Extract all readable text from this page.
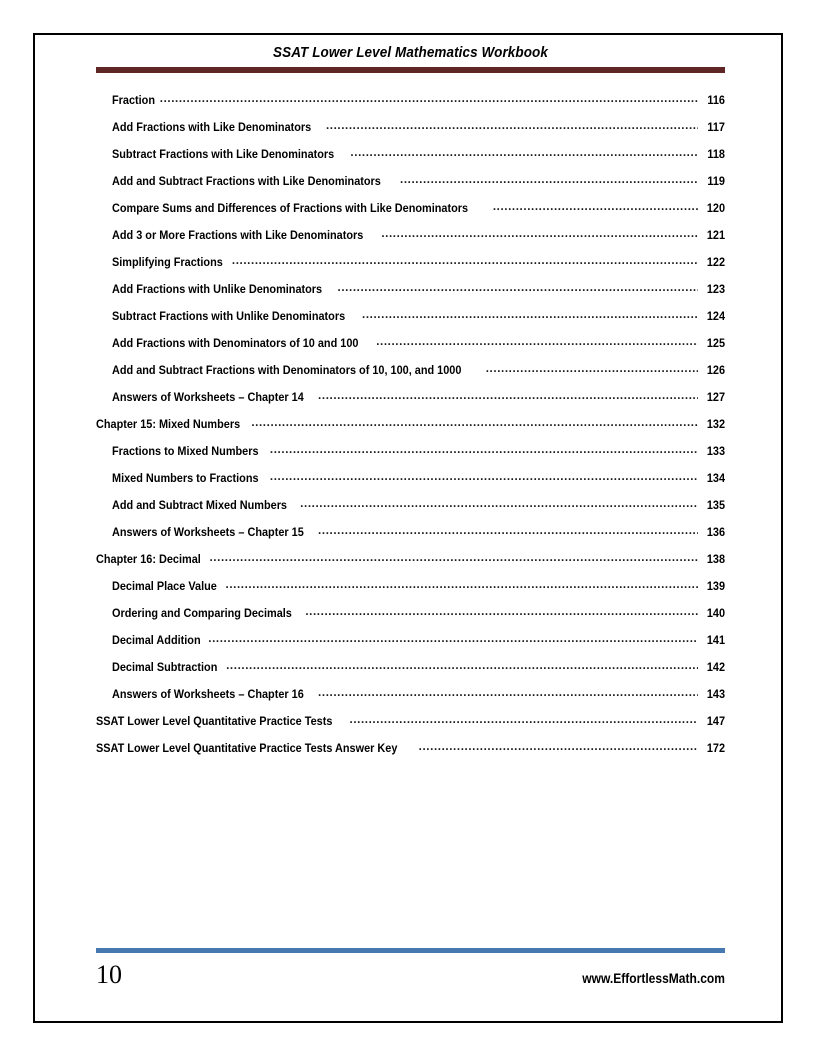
SSAT Lower Level Mathematics Workbook
Fraction .....	116
Add Fractions with Like Denominators .....	117
Subtract Fractions with Like Denominators .....	118
Add and Subtract Fractions with Like Denominators .....	119
Compare Sums and Differences of Fractions with Like Denominators .....	120
Add 3 or More Fractions with Like Denominators .....	121
Simplifying Fractions .....	122
Add Fractions with Unlike Denominators .....	123
Subtract Fractions with Unlike Denominators .....	124
Add Fractions with Denominators of 10 and 100 .....	125
Add and Subtract Fractions with Denominators of 10, 100, and 1000 .....	126
Answers of Worksheets – Chapter 14 .....	127
Chapter 15: Mixed Numbers .....	132
Fractions to Mixed Numbers .....	133
Mixed Numbers to Fractions .....	134
Add and Subtract Mixed Numbers .....	135
Answers of Worksheets – Chapter 15 .....	136
Chapter 16: Decimal .....	138
Decimal Place Value .....	139
Ordering and Comparing Decimals .....	140
Decimal Addition .....	141
Decimal Subtraction .....	142
Answers of Worksheets – Chapter 16 .....	143
SSAT Lower Level Quantitative Practice Tests .....	147
SSAT Lower Level Quantitative Practice Tests Answer Key .....	172
10	www.EffortlessMath.com
